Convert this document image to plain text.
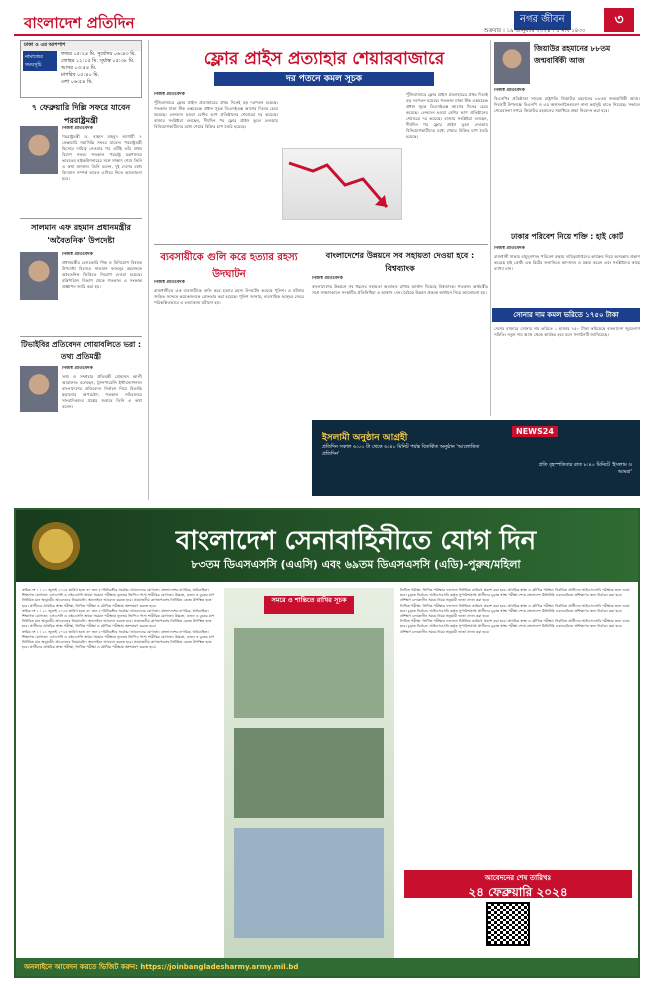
বাংলাদেশ প্রতিদিন	নগর জীবন	৩
শুক্রবার । ১৯ জানুয়ারি ২০২৪ । ৫ মাঘ ১৪৩০
ঢাকা ও এর আশপাশ
নামাজের সময়সূচি
ফজর ০৫:২৪ মি. সূর্যোদয় ০৬:৪৩ মি.
জোহর ১২:১৫ মি. সূর্যাস্ত ০৫:৩৮ মি.
আসর ০৩:৫৪ মি.
মাগরিব ০৫:৪০ মি.
এশা ০৬:৫৪ মি.
৭ ফেব্রুয়ারি দিল্লি সফরে যাবেন পররাষ্ট্রমন্ত্রী
নিজস্ব প্রতিবেদক

পররাষ্ট্রমন্ত্রী ড. হাছান মাহমুদ আগামী ৭ ফেব্রুয়ারি নয়াদিল্লি সফরে যাবেন। পররাষ্ট্রমন্ত্রী হিসেবে দায়িত্ব নেওয়ার পর এটিই তাঁর প্রথম বিদেশ সফর। গতকাল পররাষ্ট্র মন্ত্রণালয়ে ভারতের হাইকমিশনারের সঙ্গে সাক্ষাৎ শেষে তিনি এ কথা জানান। তিনি বলেন, দুই দেশের মধ্যে বিদ্যমান সম্পর্ক আরও এগিয়ে নিতে আলোচনা হবে।

সালমান এফ রহমান প্রধানমন্ত্রীর 'অবৈতনিক' উপদেষ্টা
নিজস্ব প্রতিবেদক

প্রধানমন্ত্রীর বেসরকারি শিল্প ও বিনিয়োগ বিষয়ক উপদেষ্টা হিসেবে সালমান ফজলুর রহমানকে অবৈতনিক ভিত্তিতে নিয়োগ দেওয়া হয়েছে। মন্ত্রিপরিষদ বিভাগ থেকে গতকাল এ সংক্রান্ত প্রজ্ঞাপন জারি করা হয়।

টিভাইবির প্রতিবেদন গোয়াবলিতে ভরা : তথ্য প্রতিমন্ত্রী
নিজস্ব প্রতিবেদক

তথ্য ও সম্প্রচার প্রতিমন্ত্রী মোহাম্মদ আলী আরাফাত বলেছেন, ট্রান্সপারেন্সি ইন্টারন্যাশনাল বাংলাদেশের প্রতিবেদন নির্বাচন নিয়ে বিভ্রান্তি ছড়ানোর অপচেষ্টা। গতকাল সচিবালয়ে সাংবাদিকদের প্রশ্নের জবাবে তিনি এ কথা বলেন।

ফ্লোর প্রাইস প্রত্যাহার শেয়ারবাজারে
দর পতনে কমল সূচক
নিজস্ব প্রতিবেদক

পুঁজিবাজারে ফ্লোর প্রাইস প্রত্যাহারের প্রথম দিনেই বড় দরপতন হয়েছে। গতকাল ঢাকা স্টক এক্সচেঞ্জে প্রধান সূচক ডিএসইএক্স আগের দিনের চেয়ে কমেছে। লেনদেন হওয়া বেশির ভাগ প্রতিষ্ঠানের শেয়ারের দর কমেছে। বাজার সংশ্লিষ্টরা বলছেন, দীর্ঘদিন পর ফ্লোর প্রাইস তুলে নেওয়ায় বিনিয়োগকারীদের মধ্যে শেয়ার বিক্রির চাপ তৈরি হয়েছে।

পুঁজিবাজারে ফ্লোর প্রাইস প্রত্যাহারের প্রথম দিনেই বড় দরপতন হয়েছে। গতকাল ঢাকা স্টক এক্সচেঞ্জে প্রধান সূচক ডিএসইএক্স আগের দিনের চেয়ে কমেছে। লেনদেন হওয়া বেশির ভাগ প্রতিষ্ঠানের শেয়ারের দর কমেছে। বাজার সংশ্লিষ্টরা বলছেন, দীর্ঘদিন পর ফ্লোর প্রাইস তুলে নেওয়ায় বিনিয়োগকারীদের মধ্যে শেয়ার বিক্রির চাপ তৈরি হয়েছে।

ব্যবসায়ীকে গুলি করে হত্যার রহস্য উদঘাটন
নিজস্ব প্রতিবেদক

রাজধানীতে এক ব্যবসায়ীকে গুলি করে হত্যার রহস্য উদঘাটন করেছে পুলিশ। এ ঘটনায় জড়িত সন্দেহে কয়েকজনকে গ্রেফতার করা হয়েছে। পুলিশ জানায়, ব্যবসায়িক দ্বন্দ্বের জেরে পরিকল্পিতভাবে এ হত্যাকাণ্ড ঘটানো হয়।

বাংলাদেশের উন্নয়নে সব সহায়তা দেওয়া হবে : বিশ্বব্যাংক
নিজস্ব প্রতিবেদক

বাংলাদেশের উন্নয়নে সব ধরনের সহায়তা অব্যাহত রাখার আশ্বাস দিয়েছে বিশ্বব্যাংক। গতকাল অর্থমন্ত্রীর সঙ্গে সাক্ষাৎকালে সংস্থাটির প্রতিনিধিরা এ আশ্বাস দেন। বৈঠকে উন্নয়ন প্রকল্পে অর্থায়ন নিয়ে আলোচনা হয়।

জিয়াউর রহমানের ৮৮তম জন্মবার্ষিকী আজ
নিজস্ব প্রতিবেদক

বিএনপির প্রতিষ্ঠাতা সাবেক রাষ্ট্রপতি জিয়াউর রহমানের ৮৮তম জন্মবার্ষিকী আজ। দিবসটি উপলক্ষে বিএনপি ও এর অঙ্গসংগঠনগুলো নানা কর্মসূচি হাতে নিয়েছে। সকালে শেরেবাংলা নগরে জিয়াউর রহমানের সমাধিতে শ্রদ্ধা নিবেদন করা হবে।

ঢাকার পরিবেশ নিয়ে শক্তি : হাই কোর্ট
নিজস্ব প্রতিবেদক

রাজধানী ঢাকার বায়ুদূষণসহ পরিবেশ রক্ষায় দায়িত্বপ্রাপ্তদের কার্যক্রম নিয়ে অসন্তোষ প্রকাশ করেছে হাই কোর্ট। এক রিটের শুনানিতে আদালত এ মন্তব্য করেন এবং সংশ্লিষ্টদের কাছে ব্যাখ্যা চান।

সোনার দাম কমল ভরিতে ১৭৫০ টাকা

দেশের বাজারে সোনার দাম ভরিতে ১ হাজার ৭৫০ টাকা কমিয়েছে বাংলাদেশ জুয়েলার্স সমিতি। নতুন দাম আজ থেকে কার্যকর হবে বলে সংগঠনটি জানিয়েছে।

ইসলামী অনুষ্ঠান আগ্রহী
NEWS24
প্রতিদিন সকাল ৬:০০ টা থেকে ৬:৪০ মিনিট পর্যন্ত বিতর্কিত অনুষ্ঠান 'আলোকিত প্রতিদিন'
প্রতি বৃহস্পতিবার রাত ৮:৪০ মিনিটে 'ইসলাম ও আমরা'
বাংলাদেশ সেনাবাহিনীতে যোগ দিন
৮৩তম ডিএসএসসি (এএসি) এবং ৬৯তম ডিএসএসসি (এডি)-পুরুষ/মহিলা

ক্রমিক নং ১ । ২১ জুলাই ২০২৪ তারিখ হতে ৩০ জন ৫০মিটারস্টার সর্বোচ্চ। আবেদনের যোগ্যতা: বাংলাদেশের নাগরিক, অবিবাহিত। শিক্ষাগত যোগ্যতা: এসএসসি ও এইচএসসি অথবা সমমান পরীক্ষায় ন্যূনতম জিপিএ পাস। শারীরিক যোগ্যতা: উচ্চতা, ওজন ও বুকের মাপ নির্ধারিত মান অনুযায়ী। আবেদনের নিয়মাবলি: অনলাইনে আবেদন করতে হবে। প্রয়োজনীয় কাগজপত্রসহ নির্ধারিত কেন্দ্রে উপস্থিত হতে হবে। প্রার্থীদের প্রাথমিক স্বাস্থ্য পরীক্ষা, লিখিত পরীক্ষা ও মৌখিক পরীক্ষায় অংশগ্রহণ করতে হবে।

ক্রমিক নং ১ । ২১ জুলাই ২০২৪ তারিখ হতে ৩০ জন ৫০মিটারস্টার সর্বোচ্চ। আবেদনের যোগ্যতা: বাংলাদেশের নাগরিক, অবিবাহিত। শিক্ষাগত যোগ্যতা: এসএসসি ও এইচএসসি অথবা সমমান পরীক্ষায় ন্যূনতম জিপিএ পাস। শারীরিক যোগ্যতা: উচ্চতা, ওজন ও বুকের মাপ নির্ধারিত মান অনুযায়ী। আবেদনের নিয়মাবলি: অনলাইনে আবেদন করতে হবে। প্রয়োজনীয় কাগজপত্রসহ নির্ধারিত কেন্দ্রে উপস্থিত হতে হবে। প্রার্থীদের প্রাথমিক স্বাস্থ্য পরীক্ষা, লিখিত পরীক্ষা ও মৌখিক পরীক্ষায় অংশগ্রহণ করতে হবে।

ক্রমিক নং ১ । ২১ জুলাই ২০২৪ তারিখ হতে ৩০ জন ৫০মিটারস্টার সর্বোচ্চ। আবেদনের যোগ্যতা: বাংলাদেশের নাগরিক, অবিবাহিত। শিক্ষাগত যোগ্যতা: এসএসসি ও এইচএসসি অথবা সমমান পরীক্ষায় ন্যূনতম জিপিএ পাস। শারীরিক যোগ্যতা: উচ্চতা, ওজন ও বুকের মাপ নির্ধারিত মান অনুযায়ী। আবেদনের নিয়মাবলি: অনলাইনে আবেদন করতে হবে। প্রয়োজনীয় কাগজপত্রসহ নির্ধারিত কেন্দ্রে উপস্থিত হতে হবে। প্রার্থীদের প্রাথমিক স্বাস্থ্য পরীক্ষা, লিখিত পরীক্ষা ও মৌখিক পরীক্ষায় অংশগ্রহণ করতে হবে।

সমরে ও শান্তিতে রাখির সূচক

লিখিত পরীক্ষা: লিখিত পরীক্ষার ফলাফল নির্ধারিত তারিখে প্রকাশ করা হবে। প্রাথমিক স্বাস্থ্য ও মৌখিক পরীক্ষা: নির্বাচিত প্রার্থীদের আইএসএসবি পরীক্ষার জন্য ডাকা হবে। চূড়ান্ত নির্বাচন: আইএসএসবি কর্তৃক সুপারিশপ্রাপ্ত প্রার্থীদের চূড়ান্ত স্বাস্থ্য পরীক্ষা শেষে বাংলাদেশ মিলিটারি একাডেমিতে প্রশিক্ষণের জন্য নির্বাচন করা হবে। প্রশিক্ষণ চলাকালীন সময়ে নিয়ম অনুযায়ী ভাতা প্রদান করা হবে।

লিখিত পরীক্ষা: লিখিত পরীক্ষার ফলাফল নির্ধারিত তারিখে প্রকাশ করা হবে। প্রাথমিক স্বাস্থ্য ও মৌখিক পরীক্ষা: নির্বাচিত প্রার্থীদের আইএসএসবি পরীক্ষার জন্য ডাকা হবে। চূড়ান্ত নির্বাচন: আইএসএসবি কর্তৃক সুপারিশপ্রাপ্ত প্রার্থীদের চূড়ান্ত স্বাস্থ্য পরীক্ষা শেষে বাংলাদেশ মিলিটারি একাডেমিতে প্রশিক্ষণের জন্য নির্বাচন করা হবে। প্রশিক্ষণ চলাকালীন সময়ে নিয়ম অনুযায়ী ভাতা প্রদান করা হবে।

লিখিত পরীক্ষা: লিখিত পরীক্ষার ফলাফল নির্ধারিত তারিখে প্রকাশ করা হবে। প্রাথমিক স্বাস্থ্য ও মৌখিক পরীক্ষা: নির্বাচিত প্রার্থীদের আইএসএসবি পরীক্ষার জন্য ডাকা হবে। চূড়ান্ত নির্বাচন: আইএসএসবি কর্তৃক সুপারিশপ্রাপ্ত প্রার্থীদের চূড়ান্ত স্বাস্থ্য পরীক্ষা শেষে বাংলাদেশ মিলিটারি একাডেমিতে প্রশিক্ষণের জন্য নির্বাচন করা হবে। প্রশিক্ষণ চলাকালীন সময়ে নিয়ম অনুযায়ী ভাতা প্রদান করা হবে।

আবেদনের শেষ তারিখঃ
২৪ ফেব্রুয়ারি ২০২৪
অনলাইনে আবেদন করতে ভিজিট করুন: https://joinbangladesharmy.army.mil.bd
